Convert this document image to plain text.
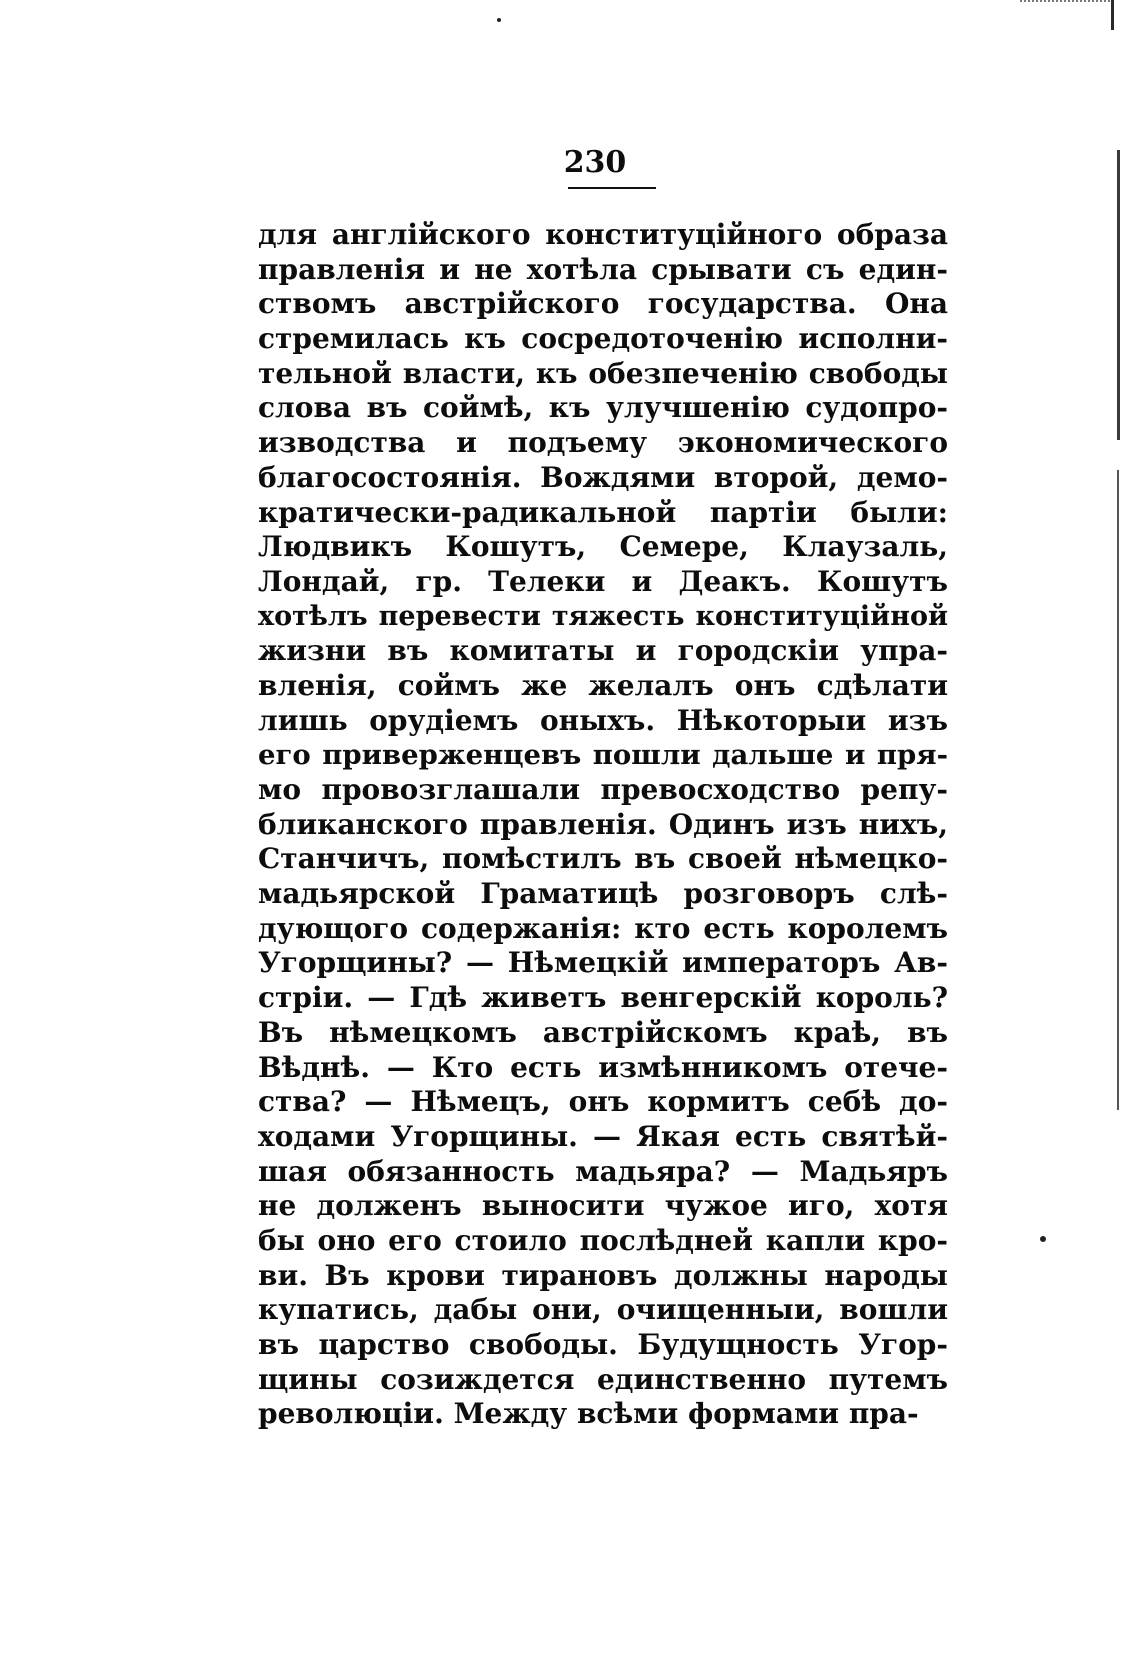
230
для англійского конституційного образа
правленія и не хотѣла срывати съ един-
ствомъ австрійского государства. Она
стремилась къ сосредоточенію исполни-
тельной власти, къ обезпеченію свободы
слова въ соймѣ, къ улучшенію судопро-
изводства и подъему экономического
благосостоянія. Вождями второй, демо-
кратически-радикальной партіи были:
Людвикъ Кошутъ, Семере, Клаузаль,
Лондай, гр. Телеки и Деакъ. Кошутъ
хотѣлъ перевести тяжесть конституційной
жизни въ комитаты и городскіи упра-
вленія, соймъ же желалъ онъ сдѣлати
лишь орудіемъ оныхъ. Нѣкоторыи изъ
его приверженцевъ пошли дальше и пря-
мо провозглашали превосходство репу-
бликанского правленія. Одинъ изъ нихъ,
Станчичъ, помѣстилъ въ своей нѣмецко-
мадьярской Граматицѣ розговоръ слѣ-
дующого содержанія: кто есть королемъ
Угорщины? — Нѣмецкій императоръ Ав-
стріи. — Гдѣ живетъ венгерскій король?
Въ нѣмецкомъ австрійскомъ краѣ, въ
Вѣднѣ. — Кто есть измѣнникомъ отече-
ства? — Нѣмецъ, онъ кормитъ себѣ до-
ходами Угорщины. — Якая есть святѣй-
шая обязанность мадьяра? — Мадьяръ
не долженъ выносити чужое иго, хотя
бы оно его стоило послѣдней капли кро-
ви. Въ крови тирановъ должны народы
купатись, дабы они, очищенныи, вошли
въ царство свободы. Будущность Угор-
щины созиждется единственно путемъ
революціи. Между всѣми формами пра-
